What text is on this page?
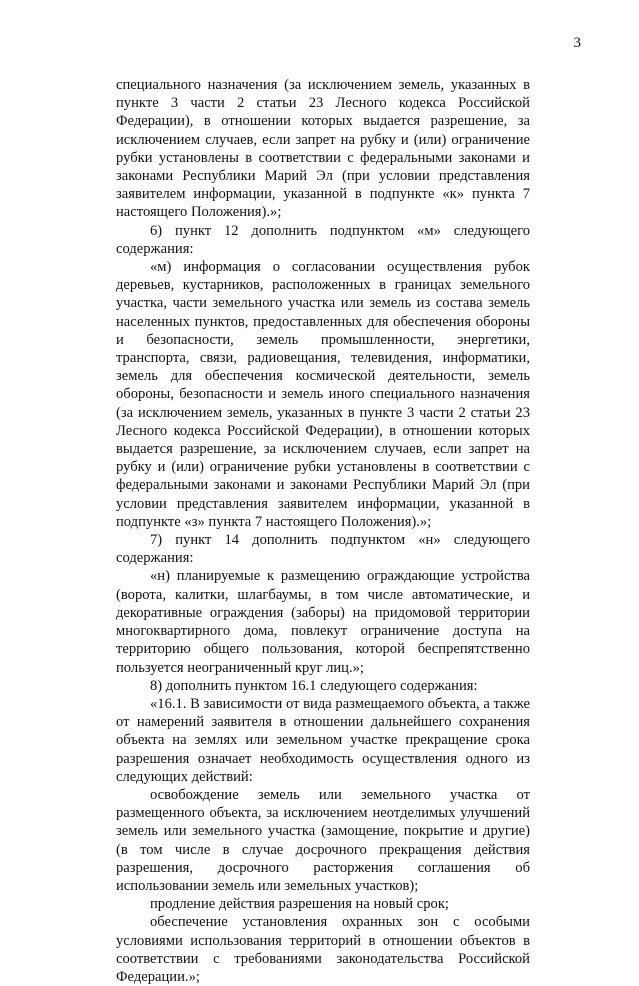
3

специального назначения (за исключением земель, указанных в пункте 3 части 2 статьи 23 Лесного кодекса Российской Федерации), в отношении которых выдается разрешение, за исключением случаев, если запрет на рубку и (или) ограничение рубки установлены в соответствии с федеральными законами и законами Республики Марий Эл (при условии представления заявителем информации, указанной в подпункте «к» пункта 7 настоящего Положения).»;

6) пункт 12 дополнить подпунктом «м» следующего содержания:

«м) информация о согласовании осуществления рубок деревьев, кустарников, расположенных в границах земельного участка, части земельного участка или земель из состава земель населенных пунктов, предоставленных для обеспечения обороны и безопасности, земель промышленности, энергетики, транспорта, связи, радиовещания, телевидения, информатики, земель для обеспечения космической деятельности, земель обороны, безопасности и земель иного специального назначения (за исключением земель, указанных в пункте 3 части 2 статьи 23 Лесного кодекса Российской Федерации), в отношении которых выдается разрешение, за исключением случаев, если запрет на рубку и (или) ограничение рубки установлены в соответствии с федеральными законами и законами Республики Марий Эл (при условии представления заявителем информации, указанной в подпункте «з» пункта 7 настоящего Положения).»;

7) пункт 14 дополнить подпунктом «н» следующего содержания:

«н) планируемые к размещению ограждающие устройства (ворота, калитки, шлагбаумы, в том числе автоматические, и декоративные ограждения (заборы) на придомовой территории многоквартирного дома, повлекут ограничение доступа на территорию общего пользования, которой беспрепятственно пользуется неограниченный круг лиц.»;

8) дополнить пунктом 16.1 следующего содержания:

«16.1. В зависимости от вида размещаемого объекта, а также от намерений заявителя в отношении дальнейшего сохранения объекта на землях или земельном участке прекращение срока разрешения означает необходимость осуществления одного из следующих действий:

освобождение земель или земельного участка от размещенного объекта, за исключением неотделимых улучшений земель или земельного участка (замощение, покрытие и другие) (в том числе в случае досрочного прекращения действия разрешения, досрочного расторжения соглашения об использовании земель или земельных участков);

продление действия разрешения на новый срок;

обеспечение установления охранных зон с особыми условиями использования территорий в отношении объектов в соответствии с требованиями законодательства Российской Федерации.»;
